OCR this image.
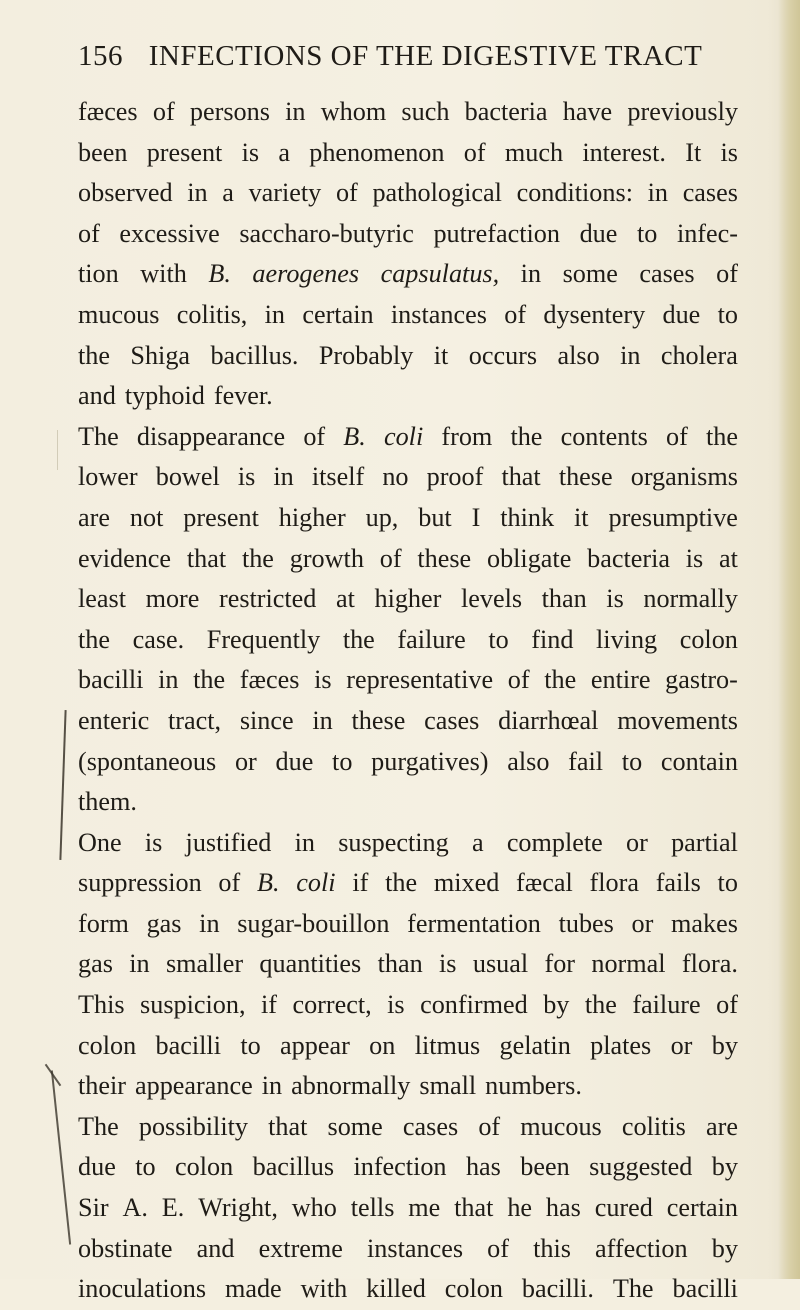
156 INFECTIONS OF THE DIGESTIVE TRACT
fæces of persons in whom such bacteria have previously
been present is a phenomenon of much interest. It is
observed in a variety of pathological conditions: in cases
of excessive saccharo-butyric putrefaction due to infec-
tion with B. aerogenes capsulatus, in some cases of
mucous colitis, in certain instances of dysentery due to
the Shiga bacillus. Probably it occurs also in cholera
and typhoid fever.
The disappearance of B. coli from the contents of the
lower bowel is in itself no proof that these organisms
are not present higher up, but I think it presumptive
evidence that the growth of these obligate bacteria is at
least more restricted at higher levels than is normally
the case. Frequently the failure to find living colon
bacilli in the fæces is representative of the entire gastro-
enteric tract, since in these cases diarrhœal movements
(spontaneous or due to purgatives) also fail to contain
them.
One is justified in suspecting a complete or partial
suppression of B. coli if the mixed fæcal flora fails to
form gas in sugar-bouillon fermentation tubes or makes
gas in smaller quantities than is usual for normal flora.
This suspicion, if correct, is confirmed by the failure of
colon bacilli to appear on litmus gelatin plates or by
their appearance in abnormally small numbers.
The possibility that some cases of mucous colitis are
due to colon bacillus infection has been suggested by
Sir A. E. Wright, who tells me that he has cured certain
obstinate and extreme instances of this affection by
inoculations made with killed colon bacilli. The bacilli
